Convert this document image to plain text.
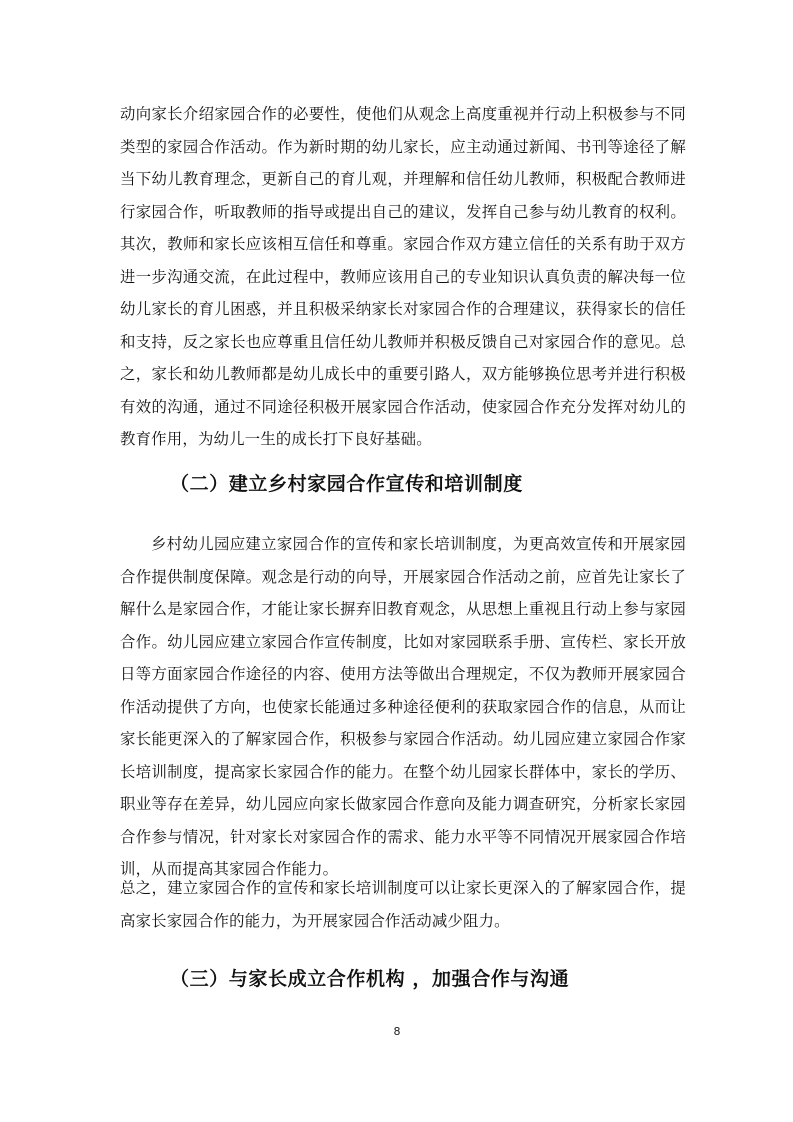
动向家长介绍家园合作的必要性，使他们从观念上高度重视并行动上积极参与不同类型的家园合作活动。作为新时期的幼儿家长，应主动通过新闻、书刊等途径了解当下幼儿教育理念，更新自己的育儿观，并理解和信任幼儿教师，积极配合教师进行家园合作，听取教师的指导或提出自己的建议，发挥自己参与幼儿教育的权利。其次，教师和家长应该相互信任和尊重。家园合作双方建立信任的关系有助于双方进一步沟通交流，在此过程中，教师应该用自己的专业知识认真负责的解决每一位幼儿家长的育儿困惑，并且积极采纳家长对家园合作的合理建议，获得家长的信任和支持，反之家长也应尊重且信任幼儿教师并积极反馈自己对家园合作的意见。总之，家长和幼儿教师都是幼儿成长中的重要引路人，双方能够换位思考并进行积极有效的沟通，通过不同途径积极开展家园合作活动，使家园合作充分发挥对幼儿的教育作用，为幼儿一生的成长打下良好基础。

（二）建立乡村家园合作宣传和培训制度

乡村幼儿园应建立家园合作的宣传和家长培训制度，为更高效宣传和开展家园合作提供制度保障。观念是行动的向导，开展家园合作活动之前，应首先让家长了解什么是家园合作，才能让家长摒弃旧教育观念，从思想上重视且行动上参与家园合作。幼儿园应建立家园合作宣传制度，比如对家园联系手册、宣传栏、家长开放日等方面家园合作途径的内容、使用方法等做出合理规定，不仅为教师开展家园合作活动提供了方向，也使家长能通过多种途径便利的获取家园合作的信息，从而让家长能更深入的了解家园合作，积极参与家园合作活动。幼儿园应建立家园合作家长培训制度，提高家长家园合作的能力。在整个幼儿园家长群体中，家长的学历、职业等存在差异，幼儿园应向家长做家园合作意向及能力调查研究，分析家长家园合作参与情况，针对家长对家园合作的需求、能力水平等不同情况开展家园合作培训，从而提高其家园合作能力。

总之，建立家园合作的宣传和家长培训制度可以让家长更深入的了解家园合作，提高家长家园合作的能力，为开展家园合作活动减少阻力。

（三）与家长成立合作机构 ，加强合作与沟通
8
